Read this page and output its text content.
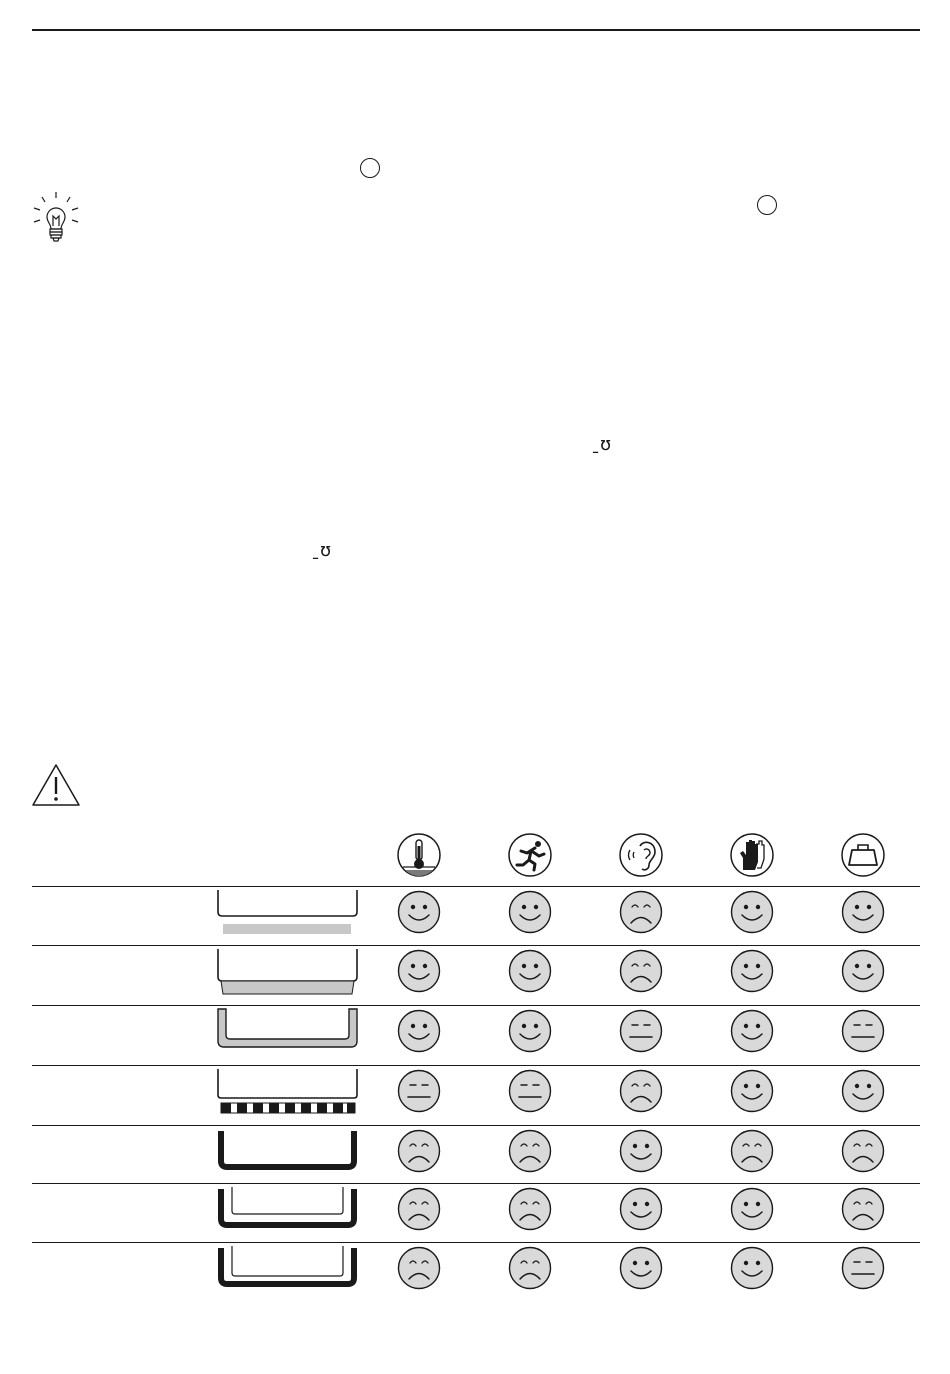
̱ʊ
̱ʊ
